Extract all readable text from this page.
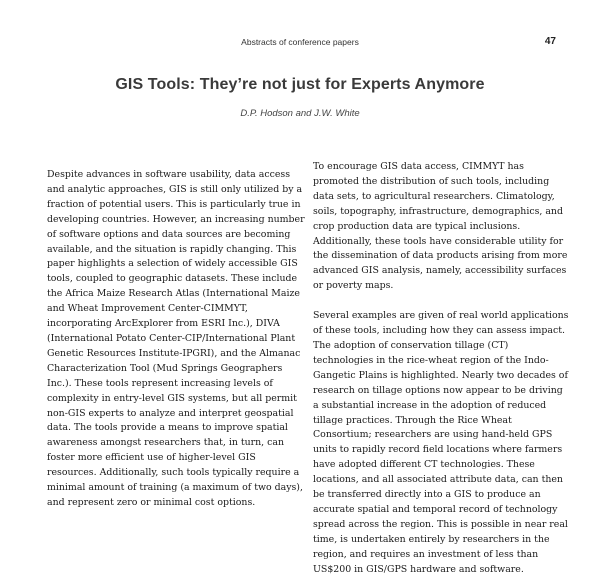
Abstracts of conference papers	47
GIS Tools: They’re not just for Experts Anymore
D.P. Hodson and J.W. White

Despite advances in software usability, data access and analytic approaches, GIS is still only utilized by a fraction of potential users. This is particularly true in developing countries. However, an increasing number of software options and data sources are becoming available, and the situation is rapidly changing. This paper highlights a selection of widely accessible GIS tools, coupled to geographic datasets. These include the Africa Maize Research Atlas (International Maize and Wheat Improvement Center-CIMMYT, incorporating ArcExplorer from ESRI Inc.), DIVA (International Potato Center-CIP/International Plant Genetic Resources Institute-IPGRI), and the Almanac Characterization Tool (Mud Springs Geographers Inc.). These tools represent increasing levels of complexity in entry-level GIS systems, but all permit non-GIS experts to analyze and interpret geospatial data. The tools provide a means to improve spatial awareness amongst researchers that, in turn, can foster more efficient use of higher-level GIS resources. Additionally, such tools typically require a minimal amount of training (a maximum of two days), and represent zero or minimal cost options.

To encourage GIS data access, CIMMYT has promoted the distribution of such tools, including data sets, to agricultural researchers. Climatology, soils, topography, infrastructure, demographics, and crop production data are typical inclusions. Additionally, these tools have considerable utility for the dissemination of data products arising from more advanced GIS analysis, namely, accessibility surfaces or poverty maps.

Several examples are given of real world applications of these tools, including how they can assess impact. The adoption of conservation tillage (CT) technologies in the rice-wheat region of the Indo-Gangetic Plains is highlighted. Nearly two decades of research on tillage options now appear to be driving a substantial increase in the adoption of reduced tillage practices. Through the Rice Wheat Consortium; researchers are using hand-held GPS units to rapidly record field locations where farmers have adopted different CT technologies. These locations, and all associated attribute data, can then be transferred directly into a GIS to produce an accurate spatial and temporal record of technology spread across the region. This is possible in near real time, is undertaken entirely by researchers in the region, and requires an investment of less than US$200 in GIS/GPS hardware and software.
